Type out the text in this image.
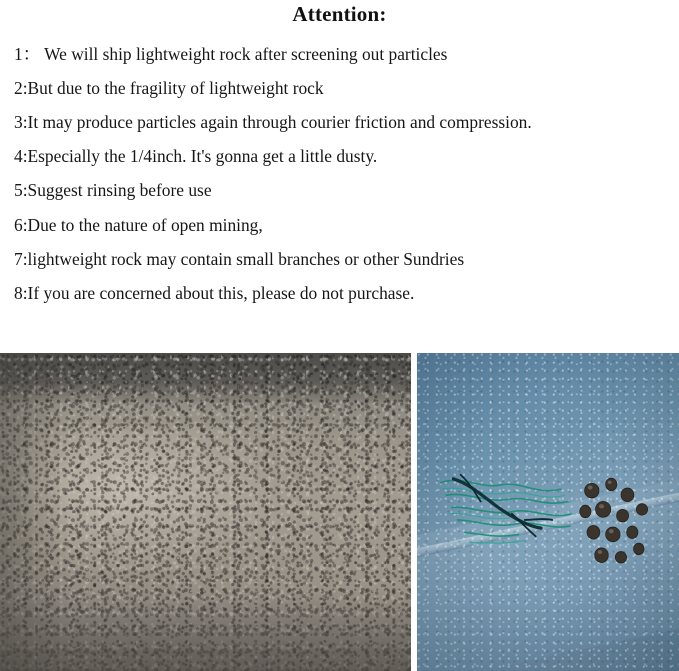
Attention:
1： We will ship lightweight rock after screening out particles
2:But due to the fragility of lightweight rock
3:It may produce particles again through courier friction and compression.
4:Especially the 1/4inch. It's gonna get a little dusty.
5:Suggest rinsing before use
6:Due to the nature of open mining,
7:lightweight rock may contain small branches or other Sundries
8:If you are concerned about this, please do not purchase.
